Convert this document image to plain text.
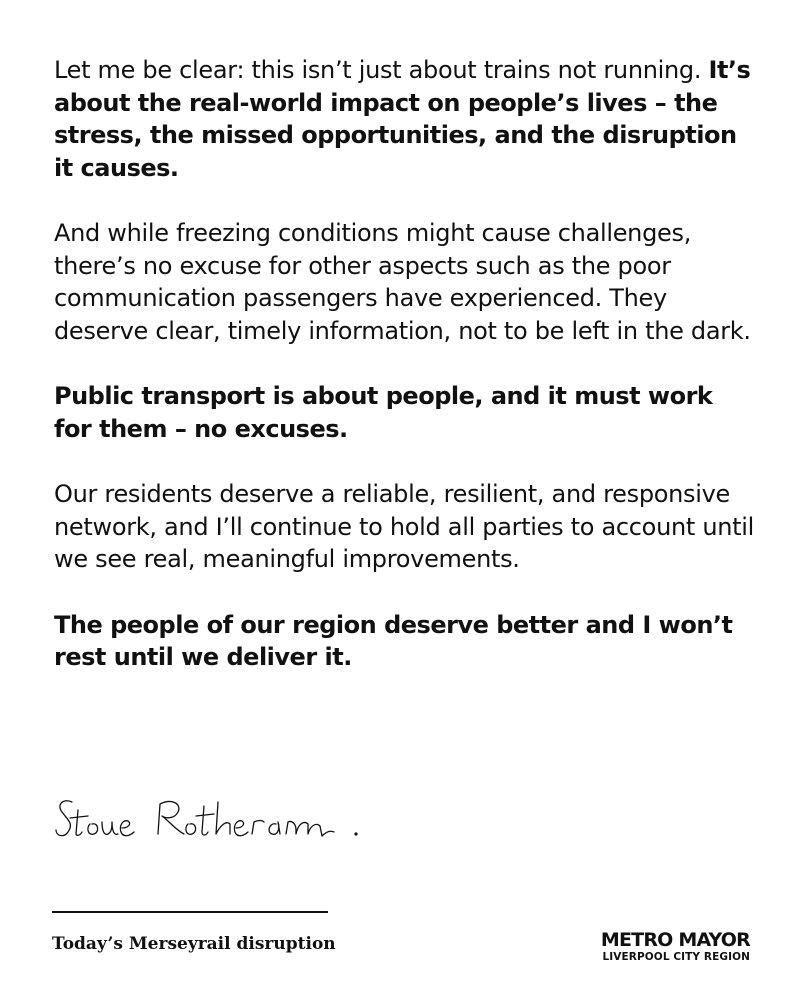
Let me be clear: this isn’t just about trains not running. It’s about the real-world impact on people’s lives – the stress, the missed opportunities, and the disruption it causes.

And while freezing conditions might cause challenges, there’s no excuse for other aspects such as the poor communication passengers have experienced. They deserve clear, timely information, not to be left in the dark.

Public transport is about people, and it must work for them – no excuses.

Our residents deserve a reliable, resilient, and responsive network, and I’ll continue to hold all parties to account until we see real, meaningful improvements.

The people of our region deserve better and I won’t rest until we deliver it.

Today’s Merseyrail disruption	METRO MAYOR
LIVERPOOL CITY REGION
